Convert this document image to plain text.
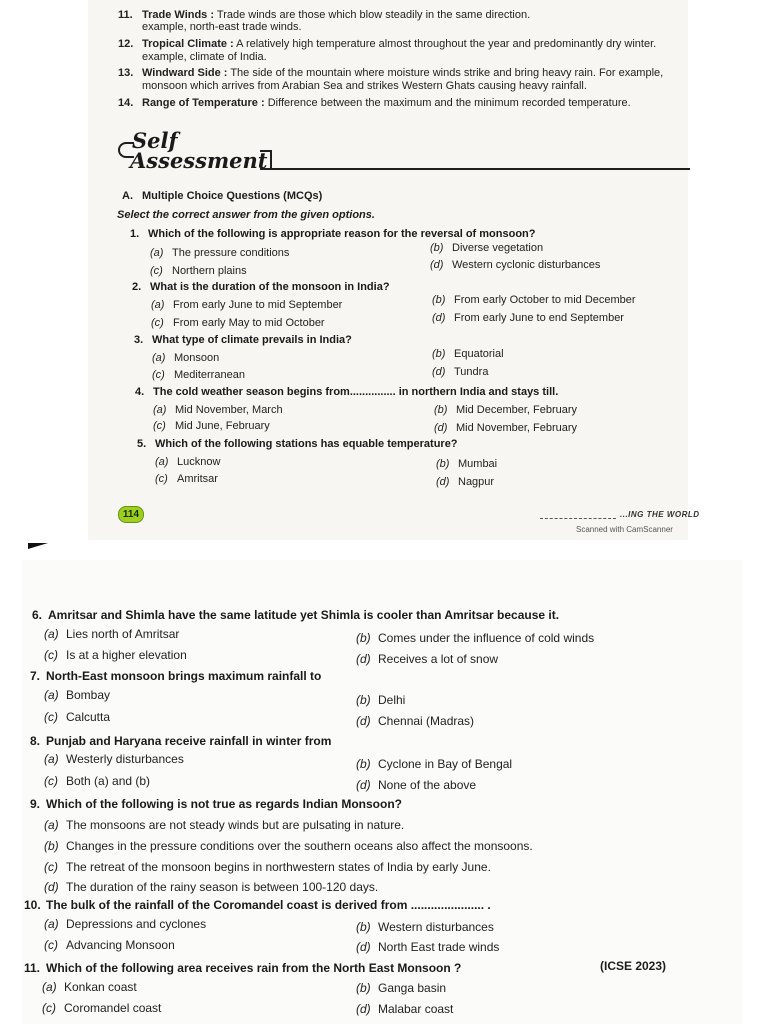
11. Trade Winds : Trade winds are those which blow steadily in the same direction.
example, north-east trade winds.
12. Tropical Climate : A relatively high temperature almost throughout the year and predominantly dry winter.
example, climate of India.
13. Windward Side : The side of the mountain where moisture winds strike and bring heavy rain. For example,
monsoon which arrives from Arabian Sea and strikes Western Ghats causing heavy rainfall.
14. Range of Temperature : Difference between the maximum and the minimum recorded temperature.
Self
Assessment
A. Multiple Choice Questions (MCQs)
Select the correct answer from the given options.
1. Which of the following is appropriate reason for the reversal of monsoon?
(a) The pressure conditions	(b) Diverse vegetation
(c) Northern plains	(d) Western cyclonic disturbances
2. What is the duration of the monsoon in India?
(a) From early June to mid September	(b) From early October to mid December
(c) From early May to mid October	(d) From early June to end September
3. What type of climate prevails in India?
(a) Monsoon	(b) Equatorial
(c) Mediterranean	(d) Tundra
4. The cold weather season begins from............... in northern India and stays till.
(a) Mid November, March	(b) Mid December, February
(c) Mid June, February	(d) Mid November, February
5. Which of the following stations has equable temperature?
(a) Lucknow	(b) Mumbai
(c) Amritsar	(d) Nagpur
114	...ING THE WORLD
Scanned with CamScanner
6. Amritsar and Shimla have the same latitude yet Shimla is cooler than Amritsar because it.
(a) Lies north of Amritsar	(b) Comes under the influence of cold winds
(c) Is at a higher elevation	(d) Receives a lot of snow
7. North-East monsoon brings maximum rainfall to
(a) Bombay	(b) Delhi
(c) Calcutta	(d) Chennai (Madras)
8. Punjab and Haryana receive rainfall in winter from
(a) Westerly disturbances	(b) Cyclone in Bay of Bengal
(c) Both (a) and (b)	(d) None of the above
9. Which of the following is not true as regards Indian Monsoon?
(a) The monsoons are not steady winds but are pulsating in nature.
(b) Changes in the pressure conditions over the southern oceans also affect the monsoons.
(c) The retreat of the monsoon begins in northwestern states of India by early June.
(d) The duration of the rainy season is between 100-120 days.
10. The bulk of the rainfall of the Coromandel coast is derived from ...................... .
(a) Depressions and cyclones	(b) Western disturbances
(c) Advancing Monsoon	(d) North East trade winds
11. Which of the following area receives rain from the North East Monsoon ?	(ICSE 2023)
(a) Konkan coast	(b) Ganga basin
(c) Coromandel coast	(d) Malabar coast
